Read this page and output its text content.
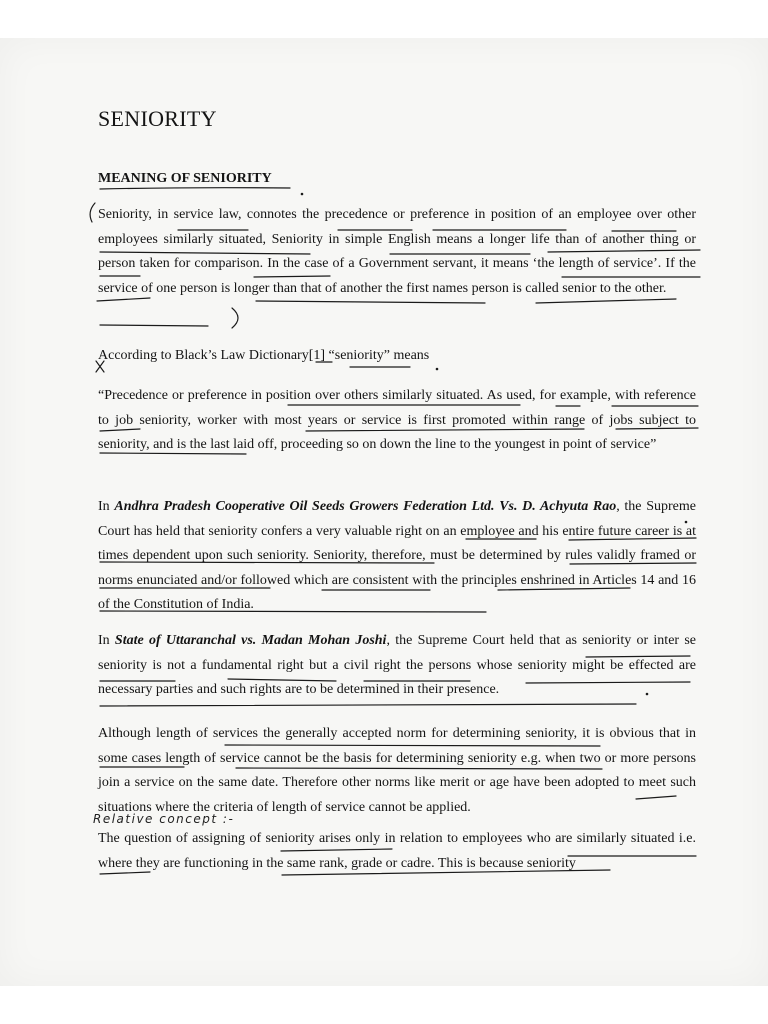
SENIORITY
MEANING OF SENIORITY

Seniority, in service law, connotes the precedence or preference in position of an employee over other employees similarly situated, Seniority in simple English means a longer life than of another thing or person taken for comparison. In the case of a Government servant, it means ‘the length of service’. If the service of one person is longer than that of another the first names person is called senior to the other.

According to Black’s Law Dictionary[1] “seniority” means

“Precedence or preference in position over others similarly situated. As used, for example, with reference to job seniority, worker with most years or service is first promoted within range of jobs subject to seniority, and is the last laid off, proceeding so on down the line to the youngest in point of service”

In Andhra Pradesh Cooperative Oil Seeds Growers Federation Ltd. Vs. D. Achyuta Rao, the Supreme Court has held that seniority confers a very valuable right on an employee and his entire future career is at times dependent upon such seniority. Seniority, therefore, must be determined by rules validly framed or norms enunciated and/or followed which are consistent with the principles enshrined in Articles 14 and 16 of the Constitution of India.

In State of Uttaranchal vs. Madan Mohan Joshi, the Supreme Court held that as seniority or inter se seniority is not a fundamental right but a civil right the persons whose seniority might be effected are necessary parties and such rights are to be determined in their presence.

Although length of services the generally accepted norm for determining seniority, it is obvious that in some cases length of service cannot be the basis for determining seniority e.g. when two or more persons join a service on the same date. Therefore other norms like merit or age have been adopted to meet such situations where the criteria of length of service cannot be applied.

The question of assigning of seniority arises only in relation to employees who are similarly situated i.e. where they are functioning in the same rank, grade or cadre. This is because seniority

Relative concept :-
